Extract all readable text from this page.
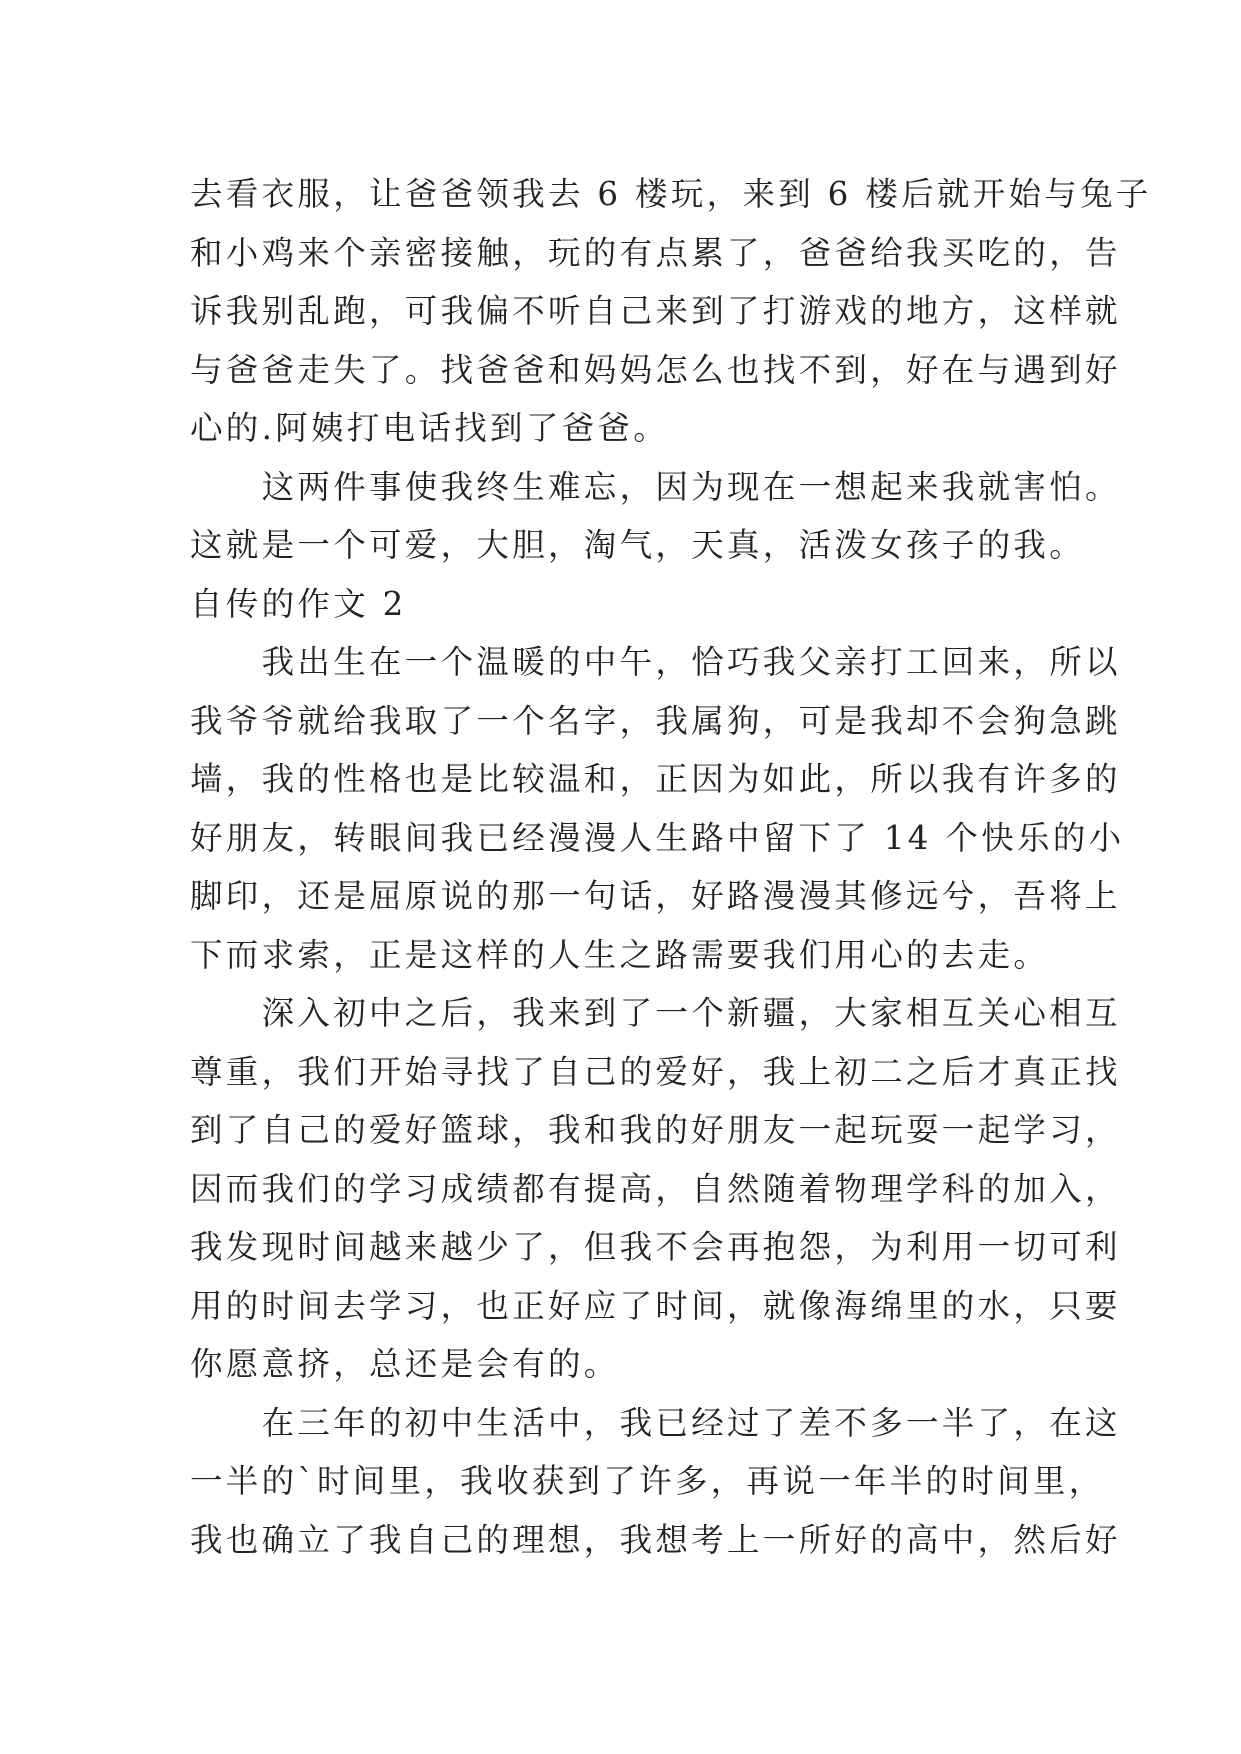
去看衣服，让爸爸领我去 6 楼玩，来到 6 楼后就开始与兔子
和小鸡来个亲密接触，玩的有点累了，爸爸给我买吃的，告
诉我别乱跑，可我偏不听自己来到了打游戏的地方，这样就
与爸爸走失了。找爸爸和妈妈怎么也找不到，好在与遇到好
心的.阿姨打电话找到了爸爸。
　　这两件事使我终生难忘，因为现在一想起来我就害怕。
这就是一个可爱，大胆，淘气，天真，活泼女孩子的我。
自传的作文 2
　　我出生在一个温暖的中午，恰巧我父亲打工回来，所以
我爷爷就给我取了一个名字，我属狗，可是我却不会狗急跳
墙，我的性格也是比较温和，正因为如此，所以我有许多的
好朋友，转眼间我已经漫漫人生路中留下了 14 个快乐的小
脚印，还是屈原说的那一句话，好路漫漫其修远兮，吾将上
下而求索，正是这样的人生之路需要我们用心的去走。
　　深入初中之后，我来到了一个新疆，大家相互关心相互
尊重，我们开始寻找了自己的爱好，我上初二之后才真正找
到了自己的爱好篮球，我和我的好朋友一起玩耍一起学习，
因而我们的学习成绩都有提高，自然随着物理学科的加入，
我发现时间越来越少了，但我不会再抱怨，为利用一切可利
用的时间去学习，也正好应了时间，就像海绵里的水，只要
你愿意挤，总还是会有的。
　　在三年的初中生活中，我已经过了差不多一半了，在这
一半的`时间里，我收获到了许多，再说一年半的时间里，
我也确立了我自己的理想，我想考上一所好的高中，然后好
